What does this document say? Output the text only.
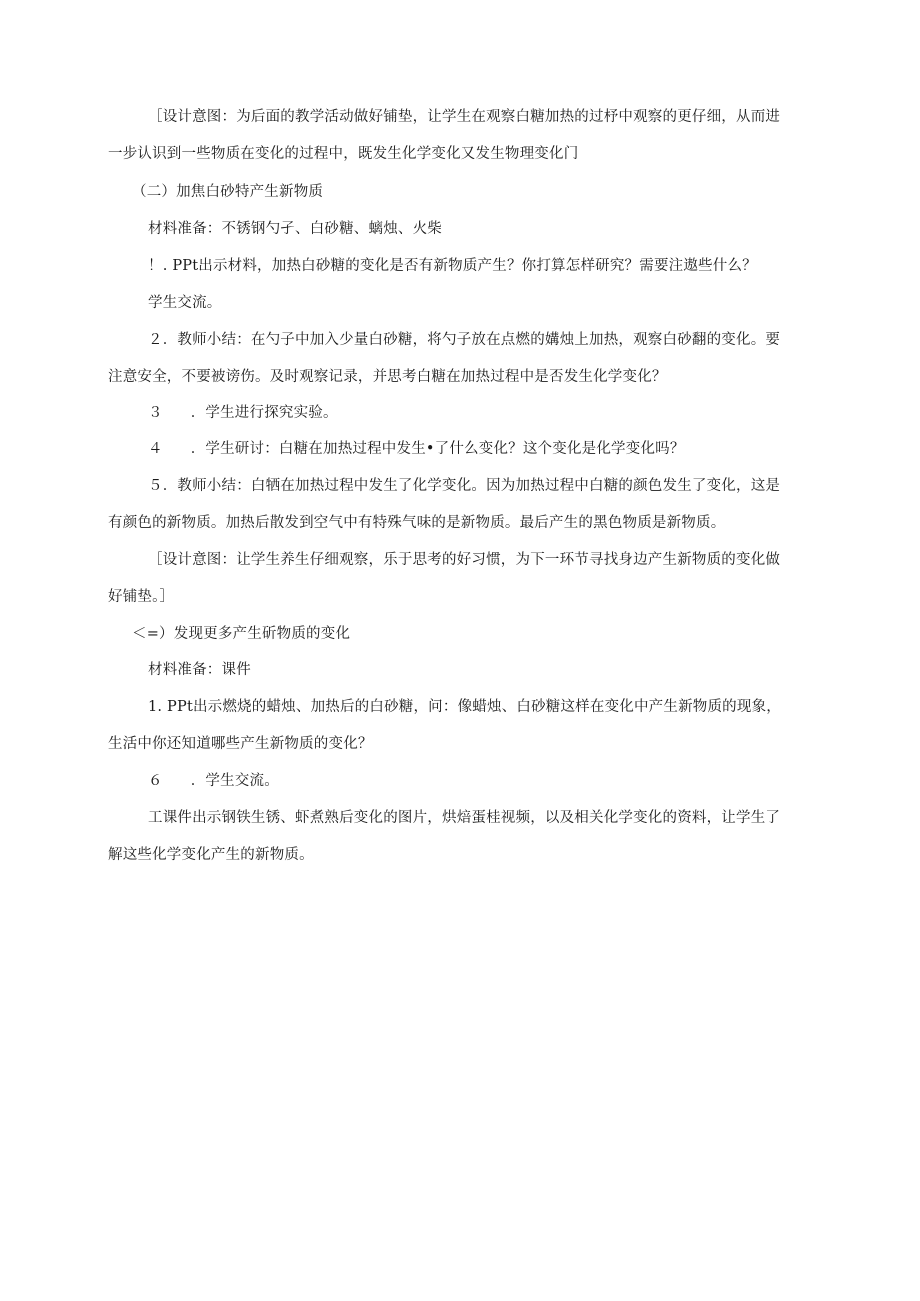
［设计意图：为后面的教学活动做好铺垫，让学生在观察白糖加热的过杼中观察的更仔细，从而进
一步认识到一些物质在变化的过程中，既发生化学变化又发生物理变化门
（二）加焦白砂特产生新物质
材料准备：不锈钢勺孑、白砂糖、螭烛、火柴
！. PPt出示材料，加热白砂糖的变化是否有新物质产生？你打算怎样研究？需要注遨些什么？
学生交流。
２．教师小结：在勺子中加入少量白砂糖，将勺子放在点燃的媾烛上加热，观察白砂翻的变化。要
注意安全，不要被谤伤。及时观察记录，并思考白糖在加热过程中是否发生化学变化？
３ ．学生进行探究实验。
４ ．学生研讨：白糖在加热过程中发生•了什么变化？这个变化是化学变化吗？
５．教师小结：白牺在加热过程中发生了化学变化。因为加热过程中白糖的颜色发生了变化，这是
有颜色的新物质。加热后散发到空气中有特殊气味的是新物质。最后产生的黑色物质是新物质。
［设计意图：让学生养生仔细观察，乐于思考的好习惯，为下一环节寻找身边产生新物质的变化做
好铺垫。］
＜=）发现更多产生斫物质的变化
材料准备：课件
1. PPt出示燃烧的蜡烛、加热后的白砂糖，问：像蜡烛、白砂糖这样在变化中产生新物质的现象，
生活中你还知道哪些产生新物质的变化？
６ ．学生交流。
工课件出示钢铁生锈、虾煮熟后变化的图片，烘焙蛋桂视频，以及相关化学变化的资料，让学生了
解这些化学变化产生的新物质。
